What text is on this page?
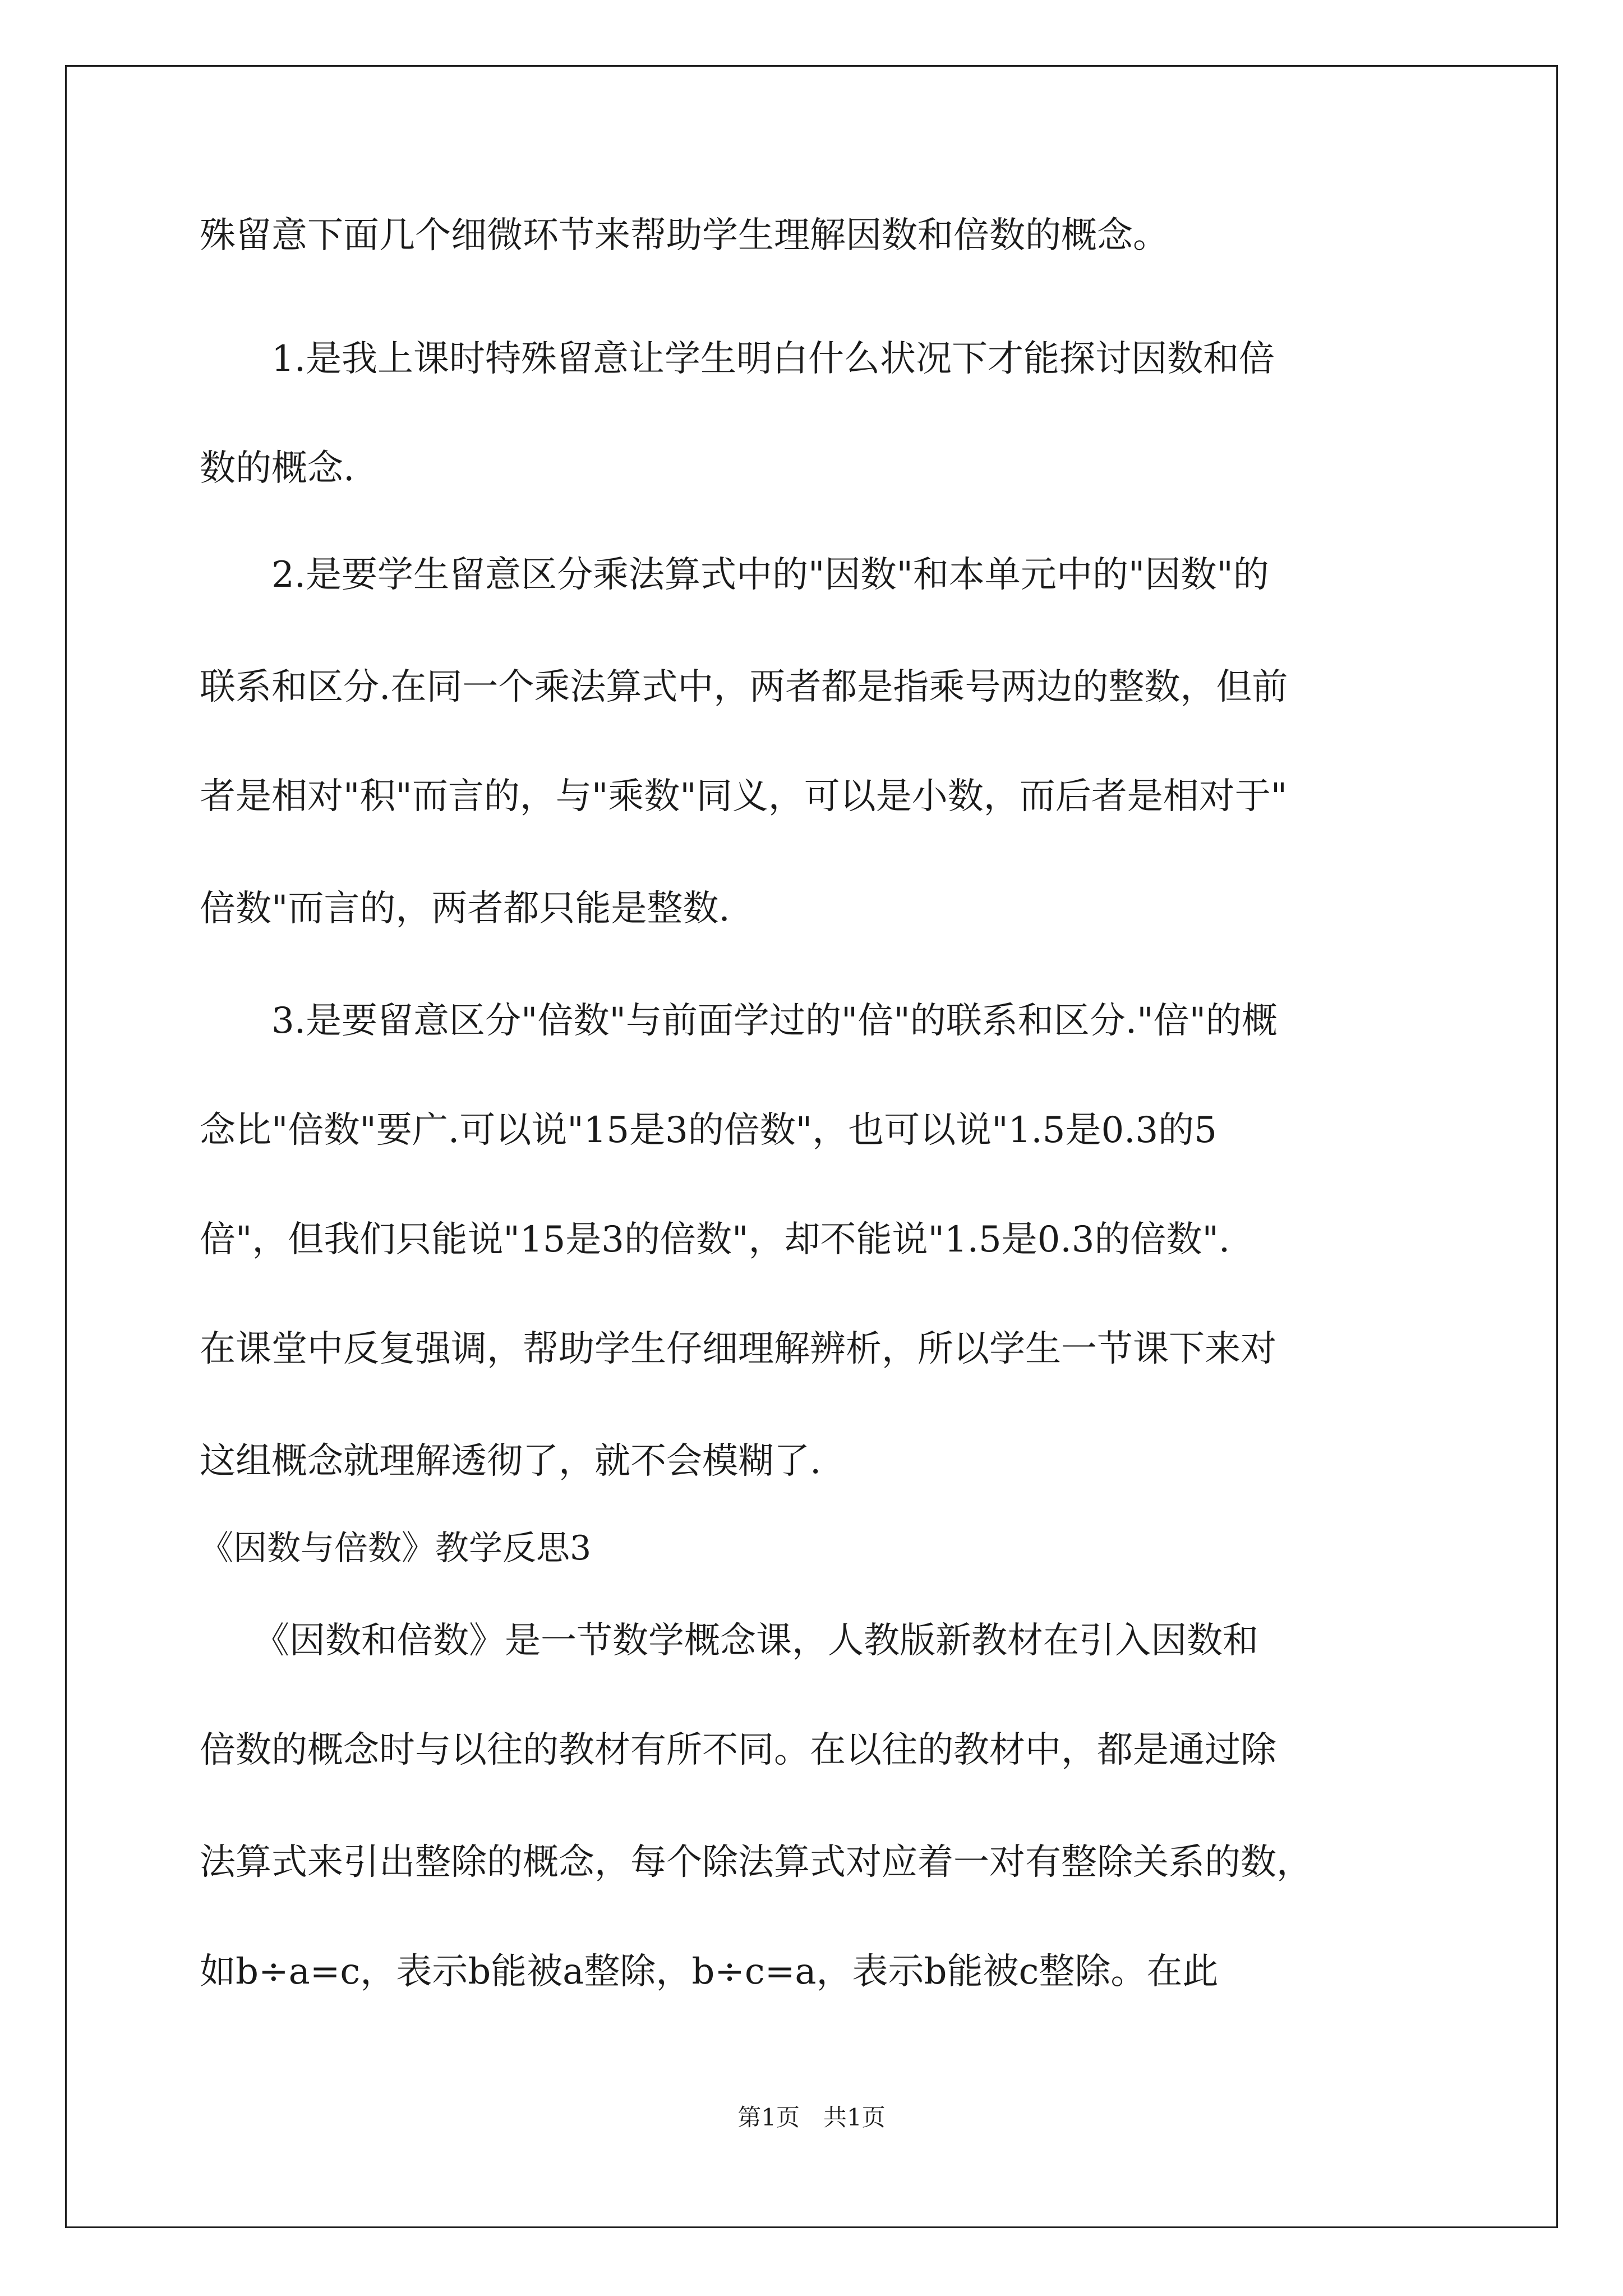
殊留意下面几个细微环节来帮助学生理解因数和倍数的概念。
　　1.是我上课时特殊留意让学生明白什么状况下才能探讨因数和倍
数的概念.
　　2.是要学生留意区分乘法算式中的"因数"和本单元中的"因数"的
联系和区分.在同一个乘法算式中，两者都是指乘号两边的整数，但前
者是相对"积"而言的，与"乘数"同义，可以是小数，而后者是相对于"
倍数"而言的，两者都只能是整数.
　　3.是要留意区分"倍数"与前面学过的"倍"的联系和区分."倍"的概
念比"倍数"要广.可以说"15是3的倍数"，也可以说"1.5是0.3的5
倍"，但我们只能说"15是3的倍数"，却不能说"1.5是0.3的倍数".
在课堂中反复强调，帮助学生仔细理解辨析，所以学生一节课下来对
这组概念就理解透彻了，就不会模糊了.
《因数与倍数》教学反思3
　　《因数和倍数》是一节数学概念课，人教版新教材在引入因数和
倍数的概念时与以往的教材有所不同。在以往的教材中，都是通过除
法算式来引出整除的概念，每个除法算式对应着一对有整除关系的数，
如b÷a=c，表示b能被a整除，b÷c=a，表示b能被c整除。在此
第1页　共1页
